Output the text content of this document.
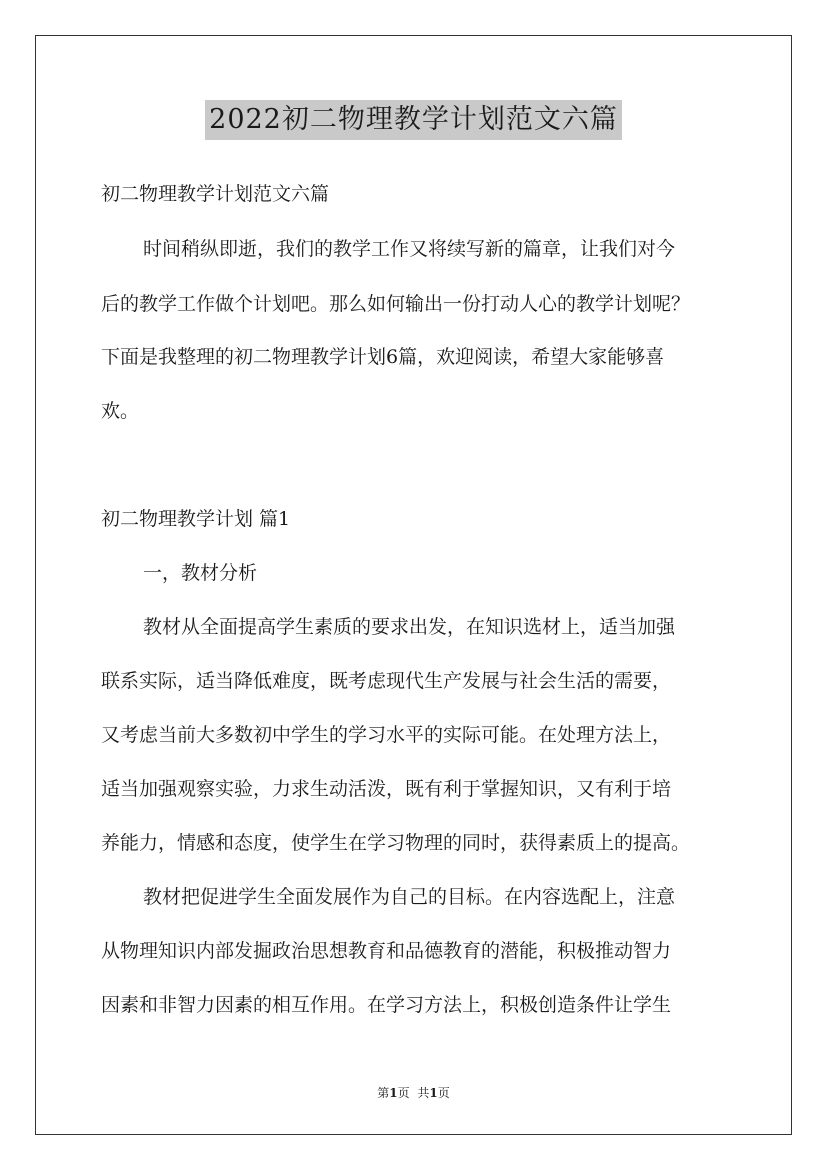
2022初二物理教学计划范文六篇
初二物理教学计划范文六篇
时间稍纵即逝，我们的教学工作又将续写新的篇章，让我们对今
后的教学工作做个计划吧。那么如何输出一份打动人心的教学计划呢？
下面是我整理的初二物理教学计划6篇，欢迎阅读，希望大家能够喜
欢。
初二物理教学计划 篇1
一，教材分析
教材从全面提高学生素质的要求出发，在知识选材上，适当加强
联系实际，适当降低难度，既考虑现代生产发展与社会生活的需要，
又考虑当前大多数初中学生的学习水平的实际可能。在处理方法上，
适当加强观察实验，力求生动活泼，既有利于掌握知识，又有利于培
养能力，情感和态度，使学生在学习物理的同时，获得素质上的提高。
教材把促进学生全面发展作为自己的目标。在内容选配上，注意
从物理知识内部发掘政治思想教育和品德教育的潜能，积极推动智力
因素和非智力因素的相互作用。在学习方法上，积极创造条件让学生
第1页 共1页
